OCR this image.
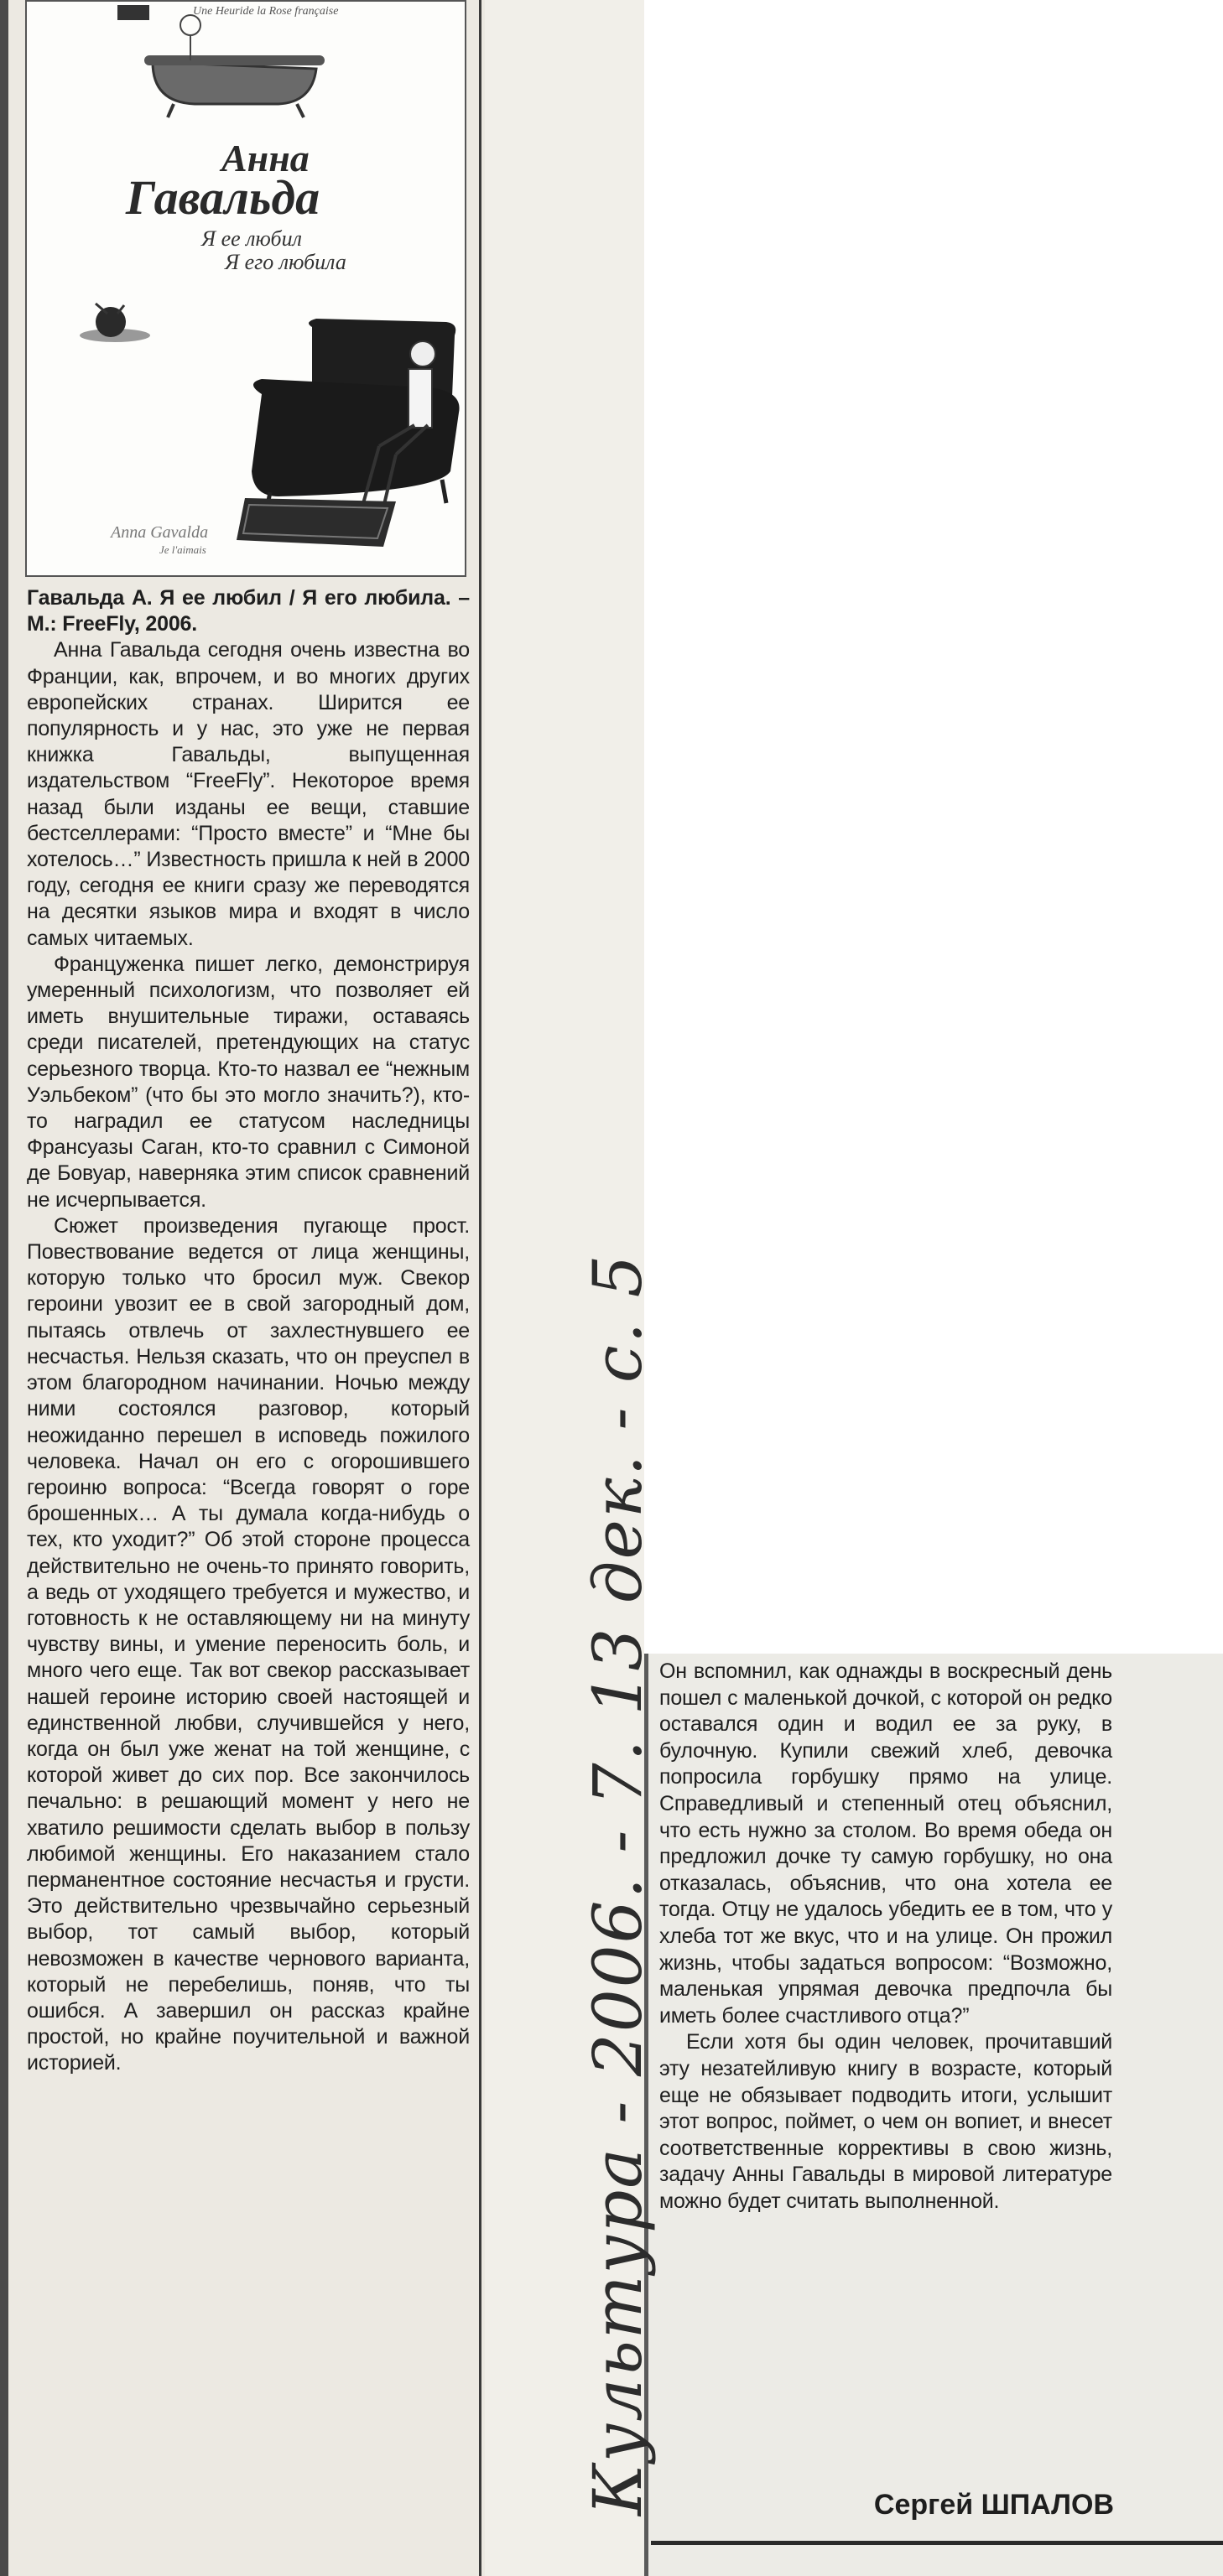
Une Heuride la Rose française
Анна
Гавальда
Я ее любил
Я его любила
Anna Gavalda
Je l'aimais

Гавальда А. Я ее любил / Я его любила. – М.: FreeFly, 2006.

Анна Гавальда сегодня очень известна во Франции, как, впрочем, и во многих других европейских странах. Ширится ее популярность и у нас, это уже не первая книжка Гавальды, выпущенная издательством “FreeFly”. Некоторое время назад были изданы ее вещи, ставшие бестселлерами: “Просто вместе” и “Мне бы хотелось…” Известность пришла к ней в 2000 году, сегодня ее книги сразу же переводятся на десятки языков мира и входят в число самых читаемых.

Француженка пишет легко, демонстрируя умеренный психологизм, что позволяет ей иметь внушительные тиражи, оставаясь среди писателей, претендующих на статус серьезного творца. Кто-то назвал ее “нежным Уэльбеком” (что бы это могло значить?), кто-то наградил ее статусом наследницы Франсуазы Саган, кто-то сравнил с Симоной де Бовуар, наверняка этим список сравнений не исчерпывается.

Сюжет произведения пугающе прост. Повествование ведется от лица женщины, которую только что бросил муж. Свекор героини увозит ее в свой загородный дом, пытаясь отвлечь от захлестнувшего ее несчастья. Нельзя сказать, что он преуспел в этом благородном начинании. Ночью между ними состоялся разговор, который неожиданно перешел в исповедь пожилого человека. Начал он его с огорошившего героиню вопроса: “Всегда говорят о горе брошенных… А ты думала когда-нибудь о тех, кто уходит?” Об этой стороне процесса действительно не очень-то принято говорить, а ведь от уходящего требуется и мужество, и готовность к не оставляющему ни на минуту чувству вины, и умение переносить боль, и много чего еще. Так вот свекор рассказывает нашей героине историю своей настоящей и единственной любви, случившейся у него, когда он был уже женат на той женщине, с которой живет до сих пор. Все закончилось печально: в решающий момент у него не хватило решимости сделать выбор в пользу любимой женщины. Его наказанием стало перманентное состояние несчастья и грусти. Это действительно чрезвычайно серьезный выбор, тот самый выбор, который невозможен в качестве чернового варианта, который не перебелишь, поняв, что ты ошибся. А завершил он рассказ крайне простой, но крайне поучительной и важной историей.	Культура - 2006. - 7. 13 дек. - с. 5 Он вспомнил, как однажды в воскресный день пошел с маленькой дочкой, с которой он редко оставался один и водил ее за руку, в булочную. Купили свежий хлеб, девочка попросила горбушку прямо на улице. Справедливый и степенный отец объяснил, что есть нужно за столом. Во время обеда он предложил дочке ту самую горбушку, но она отказалась, объяснив, что она хотела ее тогда. Отцу не удалось убедить ее в том, что у хлеба тот же вкус, что и на улице. Он прожил жизнь, чтобы задаться вопросом: “Возможно, маленькая упрямая девочка предпочла бы иметь более счастливого отца?”

Если хотя бы один человек, прочитавший эту незатейливую книгу в возрасте, который еще не обязывает подводить итоги, услышит этот вопрос, поймет, о чем он вопиет, и внесет соответственные коррективы в свою жизнь, задачу Анны Гавальды в мировой литературе можно будет считать выполненной.

Сергей ШПАЛОВ
